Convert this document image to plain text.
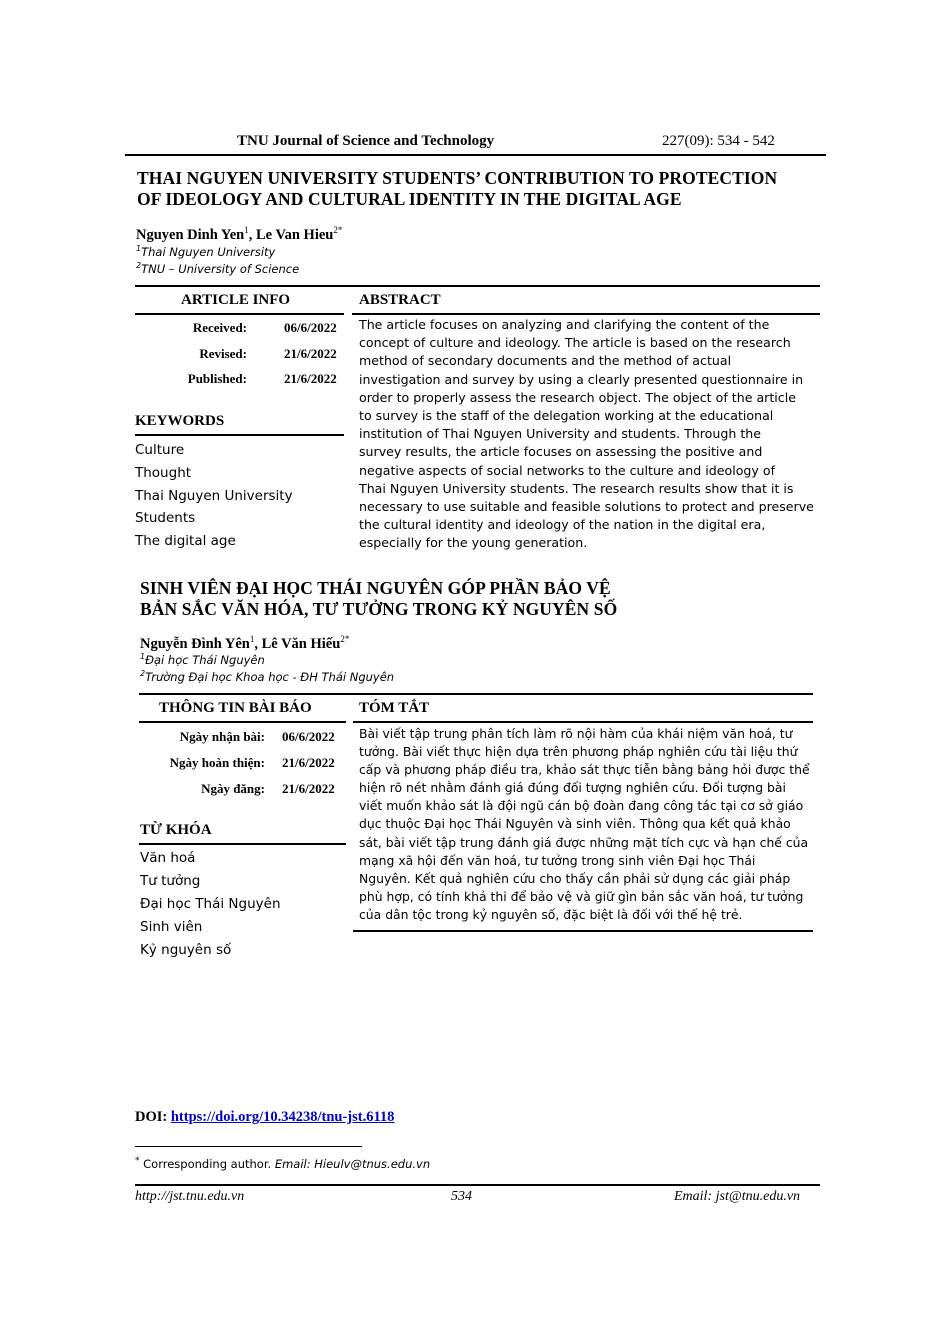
TNU Journal of Science and Technology	227(09): 534 - 542
THAI NGUYEN UNIVERSITY STUDENTS’ CONTRIBUTION TO PROTECTION
OF IDEOLOGY AND CULTURAL IDENTITY IN THE DIGITAL AGE
Nguyen Dinh Yen$^1$, Le Van Hieu$^{2*}$
$^1$Thai Nguyen University
$^2$TNU – University of Science
ARTICLE INFO	ABSTRACT
Received:	06/6/2022
Revised:	21/6/2022
Published:	21/6/2022
KEYWORDS
Culture
Thought
Thai Nguyen University
Students
The digital age
The article focuses on analyzing and clarifying the content of the
concept of culture and ideology. The article is based on the research
method of secondary documents and the method of actual
investigation and survey by using a clearly presented questionnaire in
order to properly assess the research object. The object of the article
to survey is the staff of the delegation working at the educational
institution of Thai Nguyen University and students. Through the
survey results, the article focuses on assessing the positive and
negative aspects of social networks to the culture and ideology of
Thai Nguyen University students. The research results show that it is
necessary to use suitable and feasible solutions to protect and preserve
the cultural identity and ideology of the nation in the digital era,
especially for the young generation.
SINH VIÊN ĐẠI HỌC THÁI NGUYÊN GÓP PHẦN BẢO VỆ
BẢN SẮC VĂN HÓA, TƯ TƯỞNG TRONG KỶ NGUYÊN SỐ
Nguyễn Đình Yên$^1$, Lê Văn Hiếu$^{2*}$
$^1$Đại học Thái Nguyên
$^2$Trường Đại học Khoa học - ĐH Thái Nguyên
THÔNG TIN BÀI BÁO	TÓM TẮT
Ngày nhận bài: 06/6/2022
Ngày hoàn thiện: 21/6/2022
Ngày đăng: 21/6/2022
TỪ KHÓA
Văn hoá
Tư tưởng
Đại học Thái Nguyên
Sinh viên
Kỷ nguyên số
Bài viết tập trung phân tích làm rõ nội hàm của khái niệm văn hoá, tư
tưởng. Bài viết thực hiện dựa trên phương pháp nghiên cứu tài liệu thứ
cấp và phương pháp điều tra, khảo sát thực tiễn bằng bảng hỏi được thể
hiện rõ nét nhằm đánh giá đúng đối tượng nghiên cứu. Đối tượng bài
viết muốn khảo sát là đội ngũ cán bộ đoàn đang công tác tại cơ sở giáo
dục thuộc Đại học Thái Nguyên và sinh viên. Thông qua kết quả khảo
sát, bài viết tập trung đánh giá được những mặt tích cực và hạn chế của
mạng xã hội đến văn hoá, tư tưởng trong sinh viên Đại học Thái
Nguyên. Kết quả nghiên cứu cho thấy cần phải sử dụng các giải pháp
phù hợp, có tính khả thi để bảo vệ và giữ gìn bản sắc văn hoá, tư tưởng
của dân tộc trong kỷ nguyên số, đặc biệt là đối với thế hệ trẻ.
DOI: https://doi.org/10.34238/tnu-jst.6118
* Corresponding author. Email: Hieulv@tnus.edu.vn
http://jst.tnu.edu.vn	534	Email: jst@tnu.edu.vn
